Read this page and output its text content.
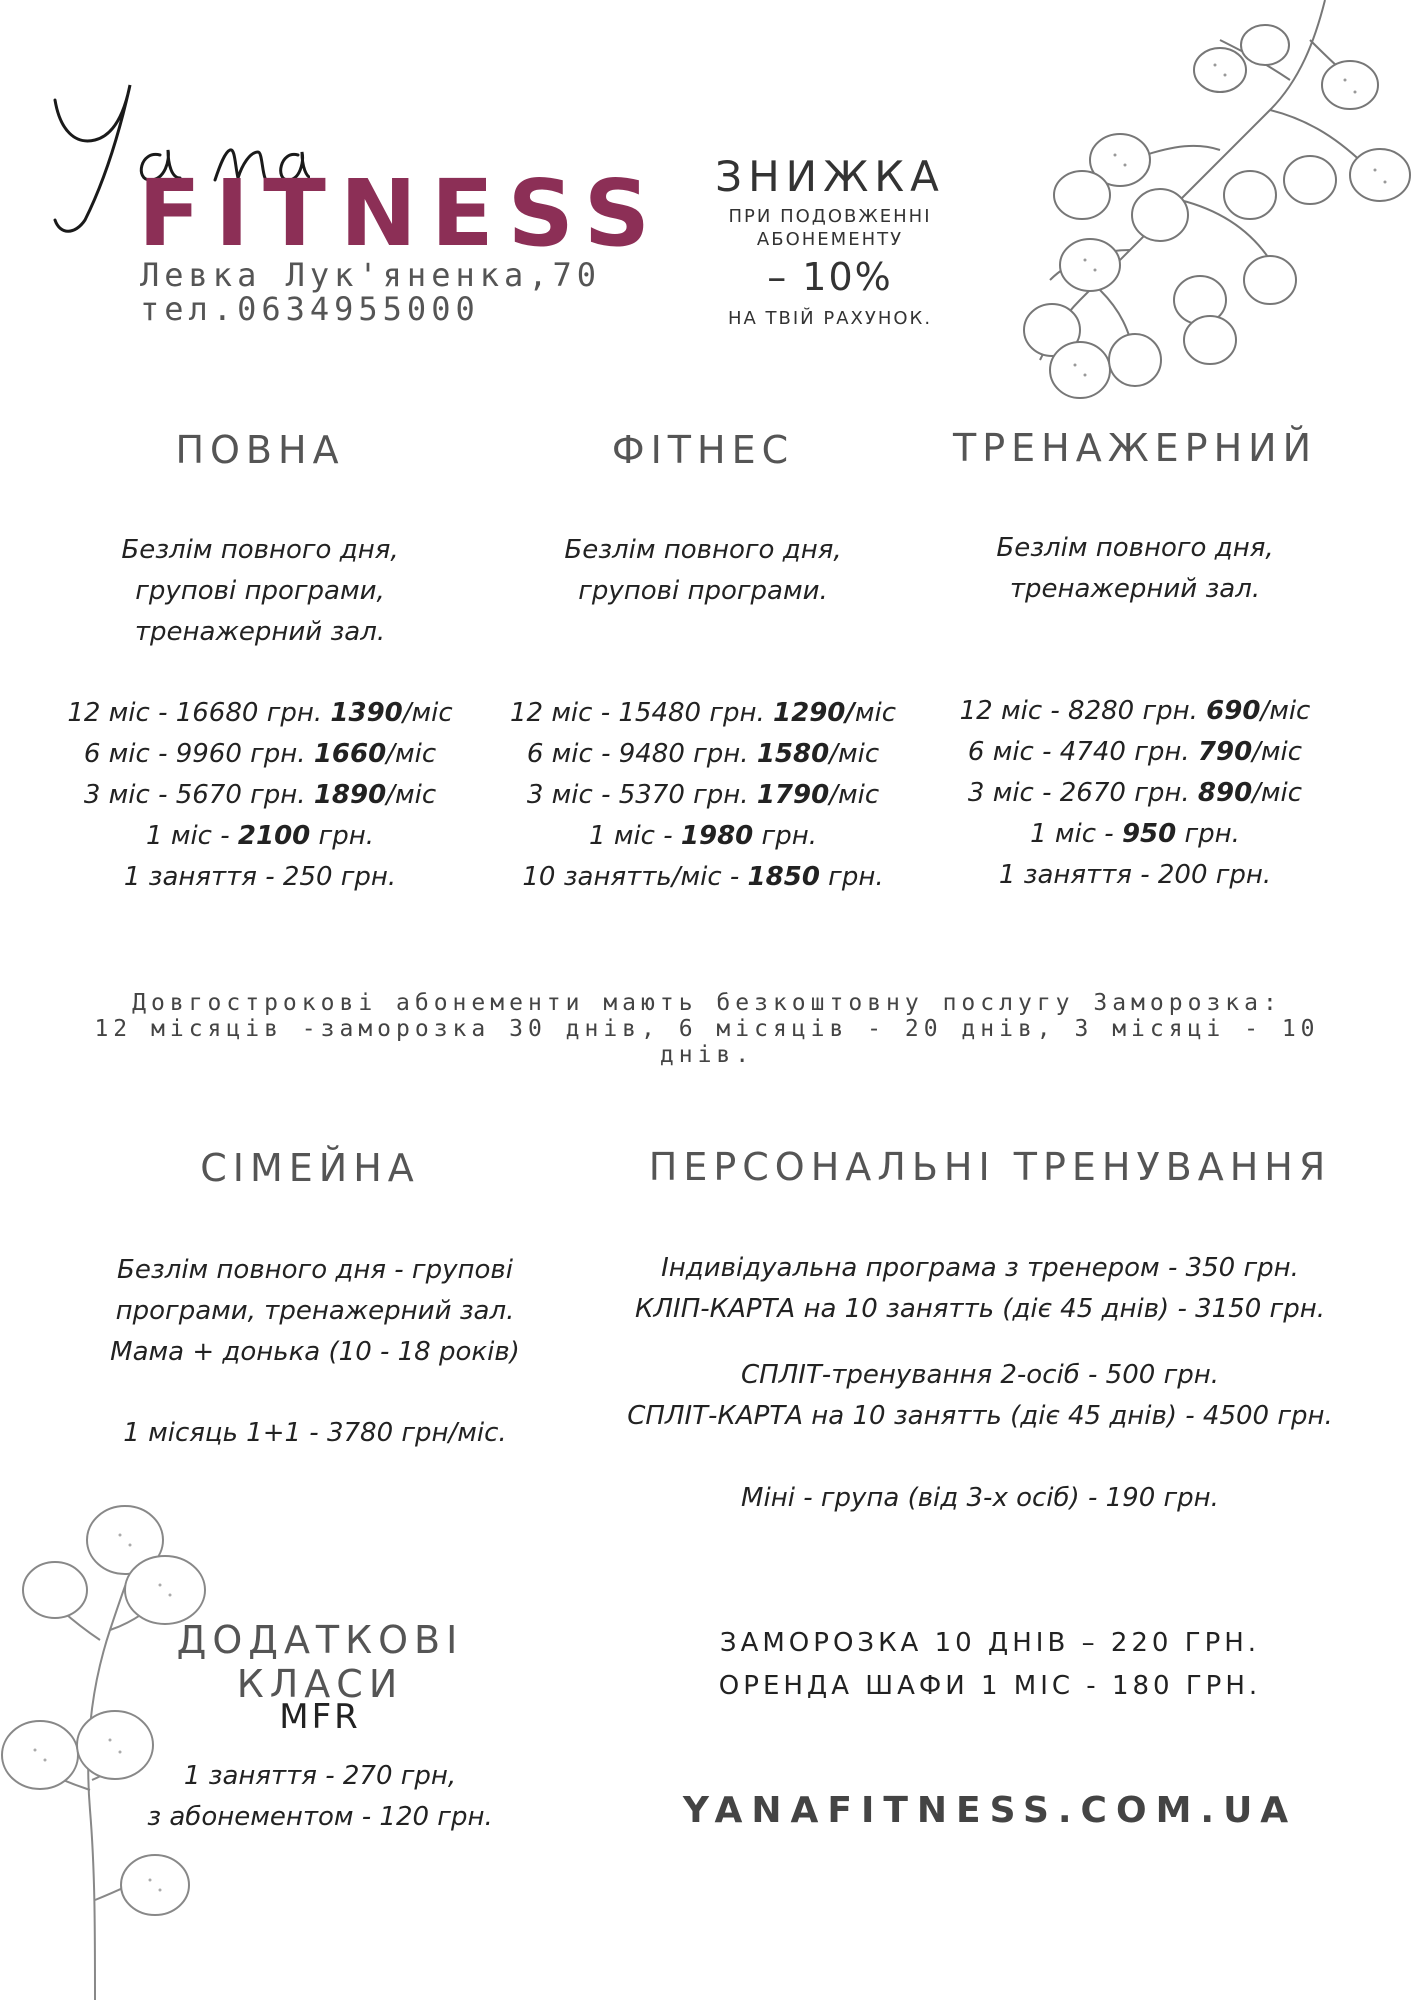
FITNESS
Левка Лук'яненка,70
тел.0634955000
ЗНИЖКА
ПРИ ПОДОВЖЕННІ
АБОНЕМЕНТУ
– 10%
НА ТВІЙ РАХУНОК.
ПОВНА
Безлім повного дня,
групові програми,
тренажерний зал.
12 міс - 16680 грн. 1390/міс
6 міс - 9960 грн. 1660/міс
3 міс - 5670 грн. 1890/міс
1 міс - 2100 грн.
1 заняття - 250 грн.
ФІТНЕС
Безлім повного дня,
групові програми.
12 міс - 15480 грн. 1290/міс
6 міс - 9480 грн. 1580/міс
3 міс - 5370 грн. 1790/міс
1 міс - 1980 грн.
10 занятть/міс - 1850 грн.
ТРЕНАЖЕРНИЙ
Безлім повного дня,
тренажерний зал.
12 міс - 8280 грн. 690/міс
6 міс - 4740 грн. 790/міс
3 міс - 2670 грн. 890/міс
1 міс - 950 грн.
1 заняття - 200 грн.
Довгострокові абонементи мають безкоштовну послугу Заморозка:
12 місяців -заморозка 30 днів, 6 місяців - 20 днів, 3 місяці - 10 днів.
СІМЕЙНА
Безлім повного дня - групові
програми, тренажерний зал.
Мама + донька (10 - 18 років)
1 місяць 1+1 - 3780 грн/міс.
ПЕРСОНАЛЬНІ ТРЕНУВАННЯ
Індивідуальна програма з тренером - 350 грн.
КЛІП-КАРТА на 10 занятть (діє 45 днів) - 3150 грн.
СПЛІТ-тренування 2-осіб - 500 грн.
СПЛІТ-КАРТА на 10 занятть (діє 45 днів) - 4500 грн.
Міні - група (від 3-х осіб) - 190 грн.
ДОДАТКОВІ КЛАСИ
MFR
1 заняття - 270 грн,
з абонементом - 120 грн.
ЗАМОРОЗКА 10 ДНІВ – 220 ГРН.
ОРЕНДА ШАФИ 1 МІС - 180 ГРН.
YANAFITNESS.COM.UA
